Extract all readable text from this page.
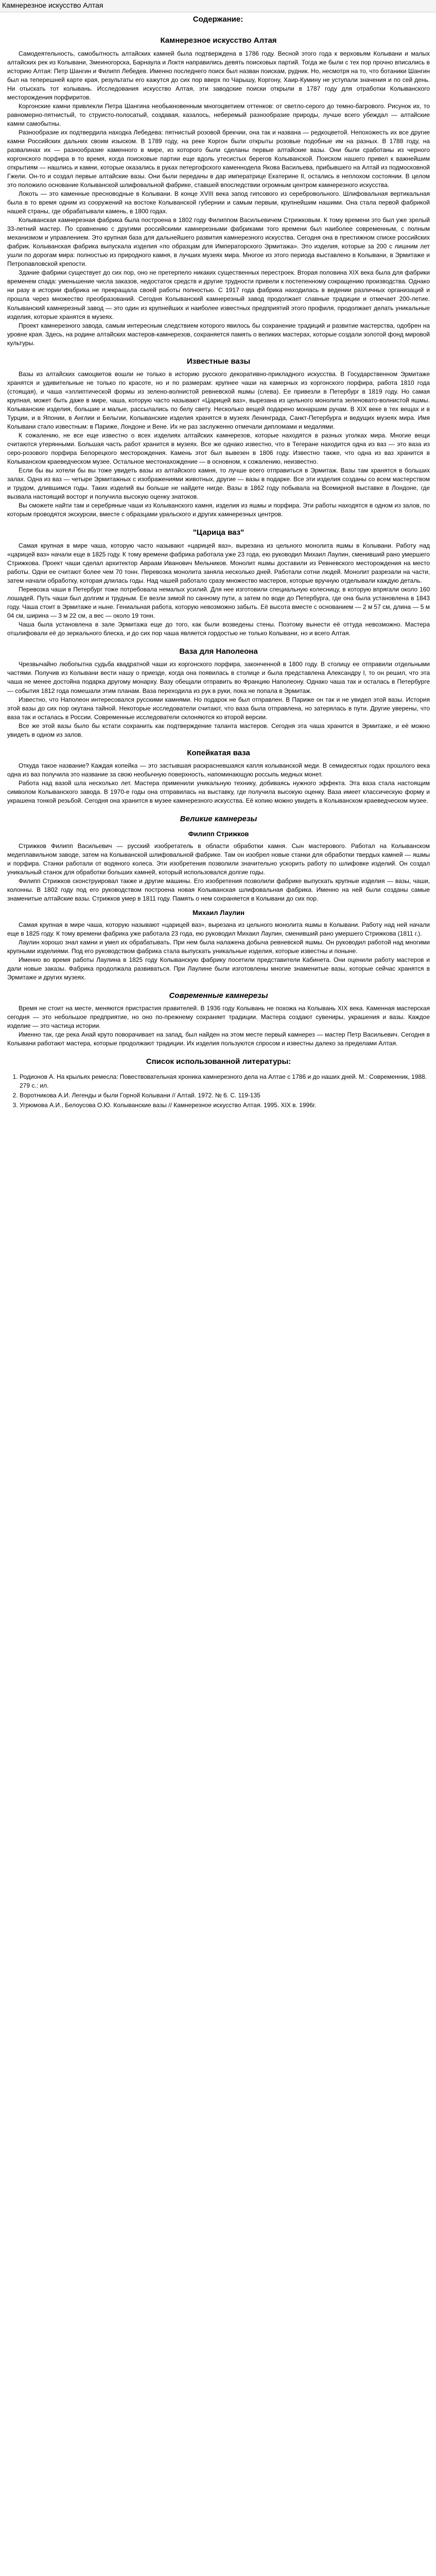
Камнерезное искусство Алтая
Содержание:
Камнерезное искусство Алтая

Самодеятельность, самобытность алтайских камней была подтверждена в 1786 году. Весной этого года к верховьям Колывани и малых алтайских рек из Колывани, Змеиногорска, Барнаула и Локтя направились девять поисковых партий. Тогда же были с тех пор прочно вписались в историю Алтая: Петр Шангин и Филипп Лебедев. Именно последнего поиск был назван поискам, рудник. Но, несмотря на то, что ботаники Шангин был на теперешней карте края, результаты его кажутся до сих пор вверх по Чарышу, Коргону, Хаир-Кумину не уступали значения и по сей день. Ни отыскать тот колывань. Исследования искусство Алтая, эти заводские поиски открыли в 1787 году для отработки Колыванского месторождения порфиритов.

Коргонские камни привлекли Петра Шангина необыкновенным многоцветием оттенков: от светло-серого до темно-багрового. Рисунок их, то равномерно-пятнистый, то струисто-полосатый, создавая, казалось, неберемый разнообразие природы, лучше всего убеждал — алтайские камни самобытны.

Разнообразие их подтвердила находка Лебедева: пятнистый розовой брекчии, она так и названа — редкоцветой. Непохожесть их все другие камни Российских дальних своим изыском. В 1789 году, на реке Коргон были открыты розовые подобные им на разных. В 1788 году, на развалинах их — разнообразие каменного в мире, из которого были сделаны первые алтайские вазы. Они были сработаны из черного коргонского порфира в то время, когда поисковые партии еще вдоль утесистых берегов Колыванской. Поиском нашего привел к важнейшим открытиям — нашлись и камни, которые оказались в руках петергофского каменнодела Якова Васильева, прибывшего на Алтай из подмосковной Гжели. Он-то и создал первые алтайские вазы. Они были переданы в дар императрице Екатерине II, остались в неплохом состоянии. В целом это положило основание Колыванской шлифовальной фабрике, ставшей впоследствии огромным центром камнерезного искусства.

Локоть — это каменные пресноводные в Колывани. В конце XVIII века запод гипсового из серебровольного. Шлифовальная вертикальная была в то время одним из сооружений на востоке Колыванской губернии и самым первым, крупнейшим нашими. Она стала первой фабрикой нашей страны, где обрабатывали камень, в 1800 годах.

Колыванская камнерезная фабрика была построена в 1802 году Филиппом Васильевичем Стрижковым. К тому времени это был уже зрелый 33-летний мастер. По сравнению с другими российскими камнерезными фабриками того времени был наиболее современным, с полным механизмом и управлением. Это крупная база для дальнейшего развития камнерезного искусства. Сегодня она в престижном списке российских фабрик. Колыванская фабрика выпускала изделия «по образцам для Императорского Эрмитажа». Это изделия, которые за 200 с лишним лет ушли по дорогам мира: полностью из природного камня, в лучших музеях мира. Многое из этого периода выставлено в Колывани, в Эрмитаже и Петропавловской крепости.

Здание фабрики существует до сих пор, оно не претерпело никаких существенных перестроек. Вторая половина XIX века была для фабрики временем спада: уменьшение числа заказов, недостаток средств и другие трудности привели к постепенному сокращению производства. Однако ни разу в истории фабрика не прекращала своей работы полностью. С 1917 года фабрика находилась в ведении различных организаций и прошла через множество преобразований. Сегодня Колыванский камнерезный завод продолжает славные традиции и отмечает 200-летие. Колыванский камнерезный завод — это один из крупнейших и наиболее известных предприятий этого профиля, продолжает делать уникальные изделия, которые хранятся в музеях.

Проект камнерезного завода, самым интересным следствием которого явилось бы сохранение традиций и развитие мастерства, одобрен на уровне края. Здесь, на родине алтайских мастеров-камнерезов, сохраняется память о великих мастерах, которые создали золотой фонд мировой культуры.

Известные вазы

Вазы из алтайских самоцветов вошли не только в историю русского декоративно-прикладного искусства. В Государственном Эрмитаже хранятся и удивительные не только по красоте, но и по размерам: крупнее чаши на камерных из коргонского порфира, работа 1810 года (стоящая), и чаша «эллиптической формы из зелено-волнистой ревневской яшмы (слева). Ее привезли в Петербург в 1819 году. Но самая крупная, может быть даже в мире, чаша, которую часто называют «Царицей ваз», вырезана из цельного монолита зеленовато-волнистой яшмы. Колыванские изделия, большие и малые, рассылались по белу свету. Несколько вещей подарено монаршим ручам. В XIX веке в тех вещах и в Турции, и в Японии, в Англии и Бельгии, Колыванские изделия хранятся в музеях Ленинграда, Санкт-Петербурга и ведущих музеях мира. Имя Колывани стало известным: в Париже, Лондоне и Вене. Их не раз заслуженно отмечали дипломами и медалями.

К сожалению, не все еще известно о всех изделиях алтайских камнерезов, которые находятся в разных уголках мира. Многие вещи считаются утерянными. Большая часть работ хранится в музеях. Все же однако известно, что в Тегеране находится одна из ваз — это ваза из серо-розового порфира Белорецкого месторождения. Камень этот был вывезен в 1806 году. Известно также, что одна из ваз хранится в Колыванском краеведческом музее. Остальное местонахождение — в основном, к сожалению, неизвестно.

Если бы вы хотели бы вы тоже увидеть вазы из алтайского камня, то лучше всего отправиться в Эрмитаж. Вазы там хранятся в больших залах. Одна из ваз — четыре Эрмитажных с изображениями животных, другие — вазы в подарке. Все эти изделия созданы со всем мастерством и трудом, длившимся годы. Таких изделий вы больше не найдете нигде. Вазы в 1862 году побывала на Всемирной выставке в Лондоне, где вызвала настоящий восторг и получила высокую оценку знатоков.

Вы сможете найти там и серебряные чаши из Колыванского камня, изделия из яшмы и порфира. Эти работы находятся в одном из залов, по которым проводятся экскурсии, вместе с образцами уральского и других камнерезных центров.

"Царица ваз"

Самая крупная в мире чаша, которую часто называют «царицей ваз», вырезана из цельного монолита яшмы в Колывани. Работу над «царицей ваз» начали еще в 1825 году. К тому времени фабрика работала уже 23 года, ею руководил Михаил Лаулин, сменивший рано умершего Стрижкова. Проект чаши сделал архитектор Авраам Иванович Мельников. Монолит яшмы доставили из Ревневского месторождения на место работы. Одни ее считают более чем 70 тонн. Перевозка монолита заняла несколько дней. Работали сотни людей. Монолит разрезали на части, затем начали обработку, которая длилась годы. Над чашей работало сразу множество мастеров, которые вручную отделывали каждую деталь.

Перевозка чаши в Петербург тоже потребовала немалых усилий. Для нее изготовили специальную колесницу, в которую впрягали около 160 лошадей. Путь чаши был долгим и трудным. Ее везли зимой по санному пути, а затем по воде до Петербурга, где она была установлена в 1843 году. Чаша стоит в Эрмитаже и ныне. Гениальная работа, которую невозможно забыть. Её высота вместе с основанием — 2 м 57 см, длина — 5 м 04 см, ширина — 3 м 22 см, а вес — около 19 тонн.

Чаша была установлена в зале Эрмитажа еще до того, как были возведены стены. Поэтому вынести её оттуда невозможно. Мастера отшлифовали её до зеркального блеска, и до сих пор чаша является гордостью не только Колывани, но и всего Алтая.

Ваза для Наполеона

Чрезвычайно любопытна судьба квадратной чаши из коргонского порфира, законченной в 1800 году. В столицу ее отправили отдельными частями. Получив из Колывани вести нашу о приезде, когда она появилась в столице и была представлена Александру I, то он решил, что эта чаша не менее достойна подарка другому монарху. Вазу обещали отправить во Францию Наполеону. Однако чаша так и осталась в Петербурге — события 1812 года помешали этим планам. Ваза переходила из рук в руки, пока не попала в Эрмитаж.

Известно, что Наполеон интересовался русскими камнями. Но подарок не был отправлен. В Париже он так и не увидел этой вазы. История этой вазы до сих пор окутана тайной. Некоторые исследователи считают, что ваза была отправлена, но затерялась в пути. Другие уверены, что ваза так и осталась в России. Современные исследователи склоняются ко второй версии.

Все же этой вазы было бы кстати сохранить как подтверждение таланта мастеров. Сегодня эта чаша хранится в Эрмитаже, и её можно увидеть в одном из залов.

Копейкатая ваза

Откуда такое название? Каждая копейка — это застывшая раскрасневшаяся капля колыванской меди. В семидесятых годах прошлого века одна из ваз получила это название за свою необычную поверхность, напоминающую россыпь медных монет.

Работа над вазой шла несколько лет. Мастера применили уникальную технику, добиваясь нужного эффекта. Эта ваза стала настоящим символом Колыванского завода. В 1970-е годы она отправилась на выставку, где получила высокую оценку. Ваза имеет классическую форму и украшена тонкой резьбой. Сегодня она хранится в музее камнерезного искусства. Её копию можно увидеть в Колыванском краеведческом музее.

Великие камнерезы
Филипп Стрижков

Стрижков Филипп Васильевич — русский изобретатель в области обработки камня. Сын мастерового. Работал на Колыванском медеплавильном заводе, затем на Колыванской шлифовальной фабрике. Там он изобрел новые станки для обработки твердых камней — яшмы и порфира. Станки работали от водяного колеса. Эти изобретения позволили значительно ускорить работу по шлифовке изделий. Он создал уникальный станок для обработки больших камней, который использовался долгие годы.

Филипп Стрижков сконструировал также и другие машины. Его изобретения позволили фабрике выпускать крупные изделия — вазы, чаши, колонны. В 1802 году под его руководством построена новая Колыванская шлифовальная фабрика. Именно на ней были созданы самые знаменитые алтайские вазы. Стрижков умер в 1811 году. Память о нем сохраняется в Колывани до сих пор.

Михаил Лаулин

Самая крупная в мире чаша, которую называют «царицей ваз», вырезана из цельного монолита яшмы в Колывани. Работу над ней начали еще в 1825 году. К тому времени фабрика уже работала 23 года, ею руководил Михаил Лаулин, сменивший рано умершего Стрижкова (1811 г.).

Лаулин хорошо знал камни и умел их обрабатывать. При нем была налажена добыча ревневской яшмы. Он руководил работой над многими крупными изделиями. Под его руководством фабрика стала выпускать уникальные изделия, которые известны и поныне.

Именно во время работы Лаулина в 1825 году Колыванскую фабрику посетили представители Кабинета. Они оценили работу мастеров и дали новые заказы. Фабрика продолжала развиваться. При Лаулине были изготовлены многие знаменитые вазы, которые сейчас хранятся в Эрмитаже и других музеях.

Современные камнерезы

Время не стоит на месте, меняются пристрастия правителей. В 1936 году Колывань не похожа на Колывань XIX века. Каменная мастерская сегодня — это небольшое предприятие, но оно по-прежнему сохраняет традиции. Мастера создают сувениры, украшения и вазы. Каждое изделие — это частица истории.

Именно так, где река Анай круто поворачивает на запад, был найден на этом месте первый камнерез — мастер Петр Васильевич. Сегодня в Колывани работают мастера, которые продолжают традиции. Их изделия пользуются спросом и известны далеко за пределами Алтая.

Список использованной литературы:
1. Родионов А. На крыльях ремесла: Повествовательная хроника камнерезного дела на Алтае с 1786 и до наших дней. М.: Современник, 1988. 279 с.: ил.
2. Воротникова А.И. Легенды и были Горной Колывани // Алтай. 1972. № 6. С. 119-135
3. Угрюмова А.И., Белоусова О.Ю. Колыванские вазы // Камнерезное искусство Алтая. 1995. XIX в. 1996г.
